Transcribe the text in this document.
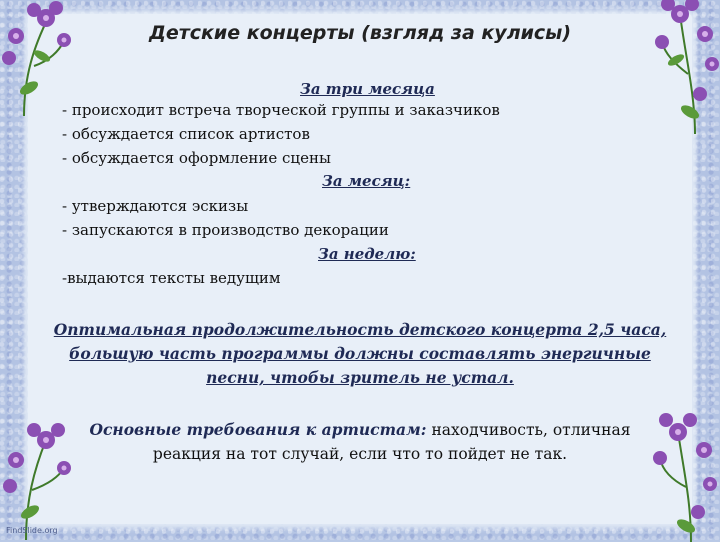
Детские концерты (взгляд за кулисы)
За три месяца
- происходит встреча творческой группы и заказчиков
- обсуждается список артистов
- обсуждается оформление сцены
За месяц:
- утверждаются эскизы
- запускаются в производство декорации
За неделю:
-выдаются тексты ведущим
Оптимальная продолжительность детского концерта 2,5 часа,
большую часть программы должны составлять энергичные
песни, чтобы зритель не устал.
Основные требования к артистам: находчивость, отличная
реакция на тот случай, если что то пойдет не так.
FindSlide.org
